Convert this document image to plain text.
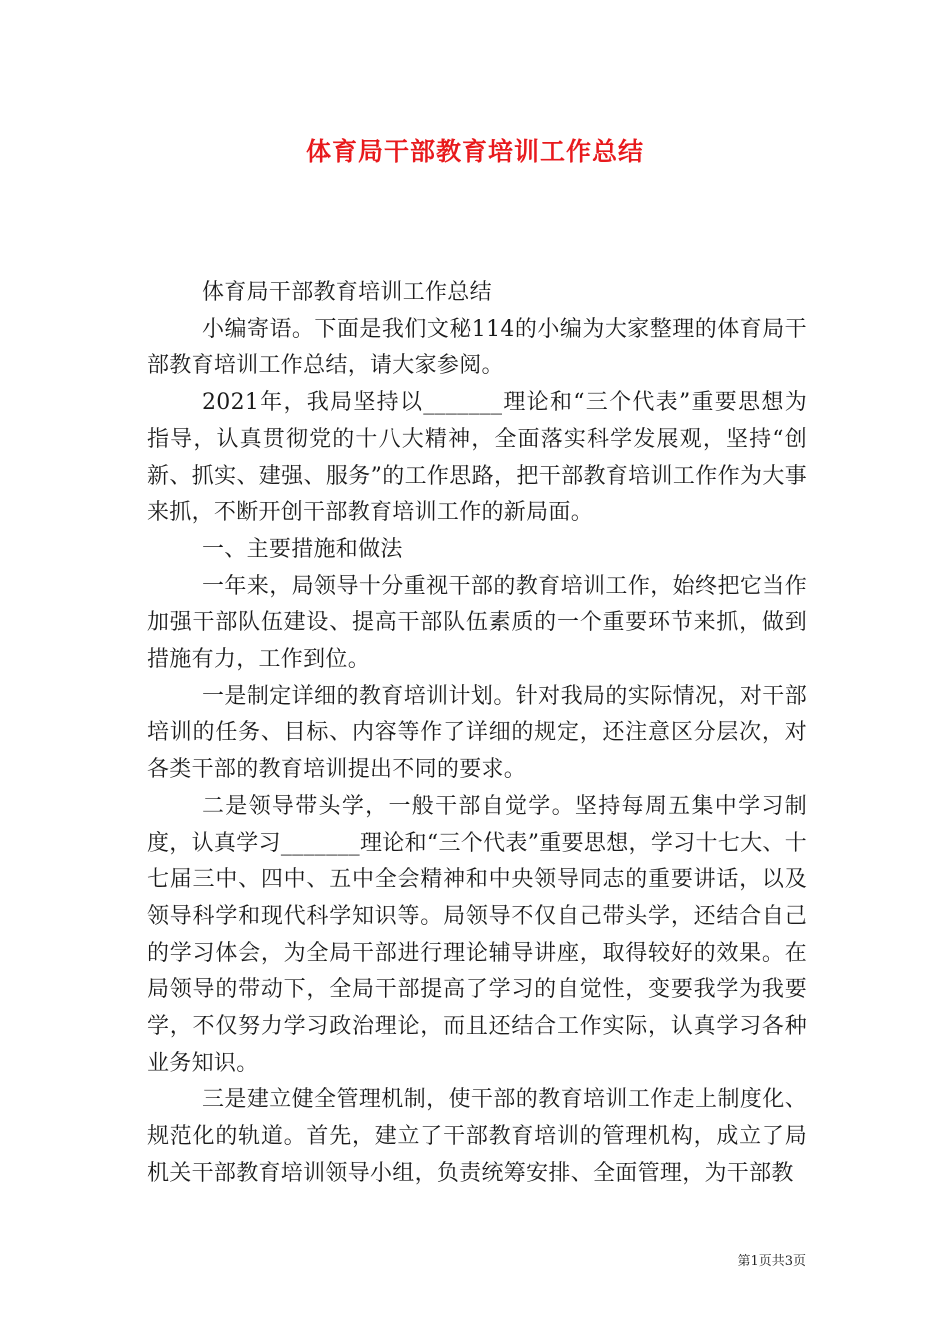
体育局干部教育培训工作总结

体育局干部教育培训工作总结

小编寄语。下面是我们文秘114的小编为大家整理的体育局干部教育培训工作总结，请大家参阅。

2021年，我局坚持以_______理论和“三个代表”重要思想为指导，认真贯彻党的十八大精神，全面落实科学发展观，坚持“创新、抓实、建强、服务”的工作思路，把干部教育培训工作作为大事来抓，不断开创干部教育培训工作的新局面。

一、主要措施和做法

一年来，局领导十分重视干部的教育培训工作，始终把它当作加强干部队伍建设、提高干部队伍素质的一个重要环节来抓，做到措施有力，工作到位。

一是制定详细的教育培训计划。针对我局的实际情况，对干部培训的任务、目标、内容等作了详细的规定，还注意区分层次，对各类干部的教育培训提出不同的要求。

二是领导带头学，一般干部自觉学。坚持每周五集中学习制度，认真学习_______理论和“三个代表”重要思想，学习十七大、十七届三中、四中、五中全会精神和中央领导同志的重要讲话，以及领导科学和现代科学知识等。局领导不仅自己带头学，还结合自己的学习体会，为全局干部进行理论辅导讲座，取得较好的效果。在局领导的带动下，全局干部提高了学习的自觉性，变要我学为我要学，不仅努力学习政治理论，而且还结合工作实际，认真学习各种业务知识。

三是建立健全管理机制，使干部的教育培训工作走上制度化、规范化的轨道。首先，建立了干部教育培训的管理机构，成立了局机关干部教育培训领导小组，负责统筹安排、全面管理，为干部教

第1页共3页
